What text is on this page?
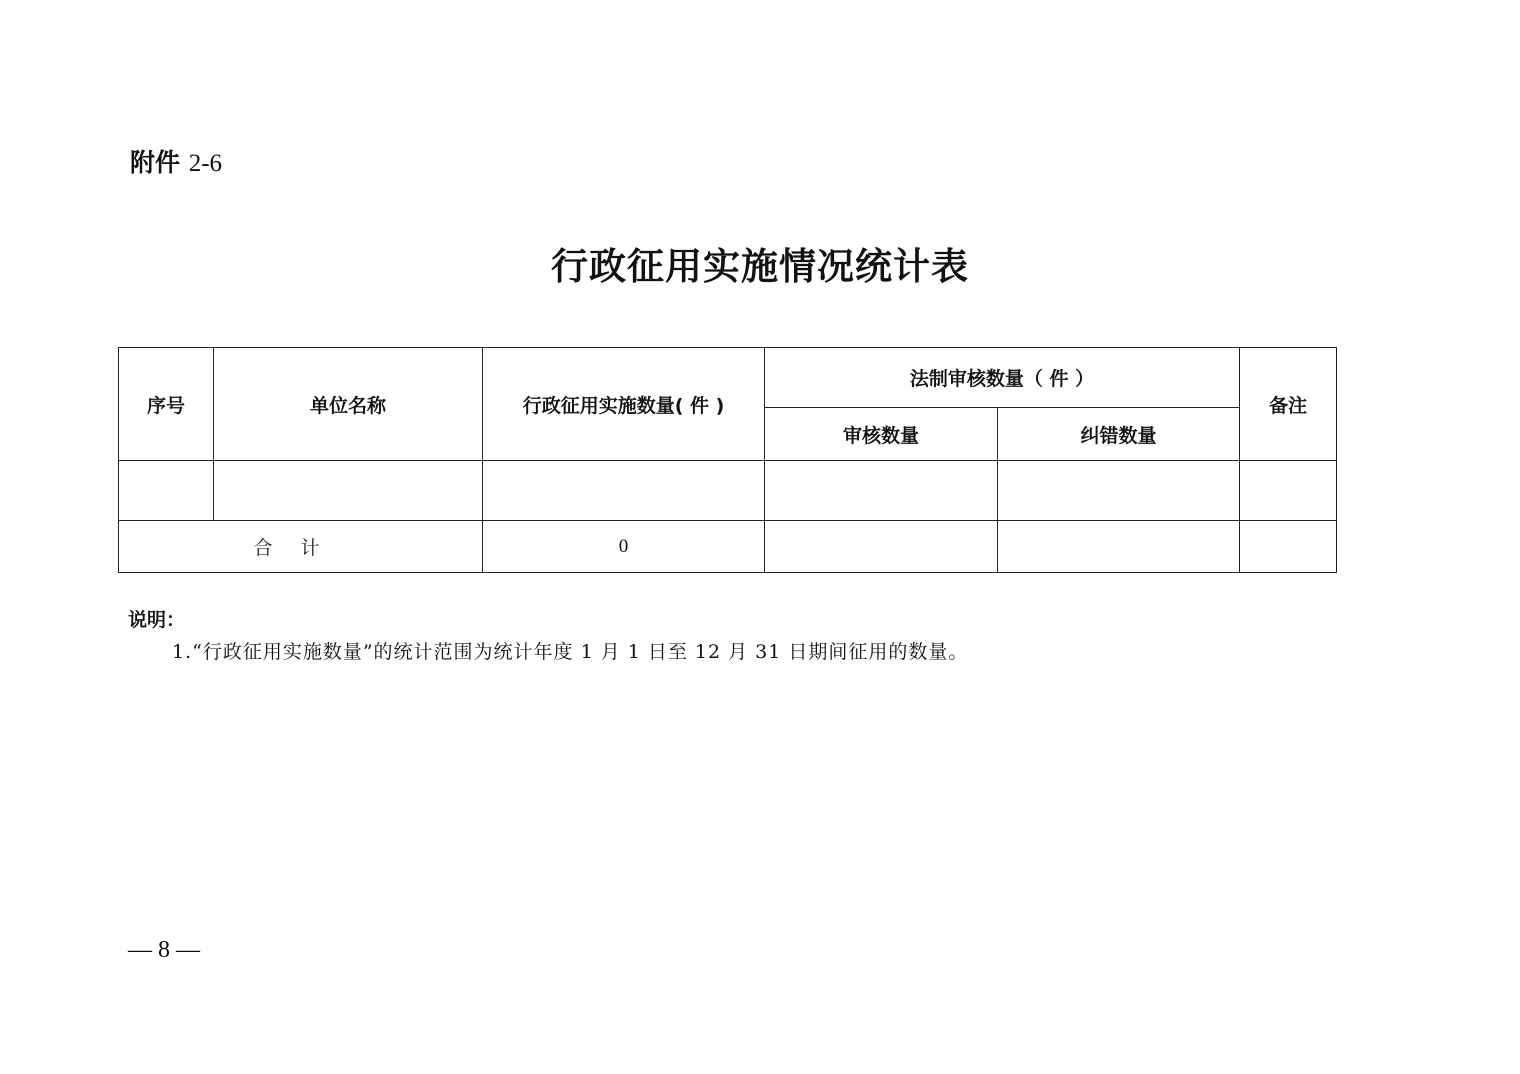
附件 2-6
行政征用实施情况统计表
序号	单位名称	行政征用实施数量( 件 )	法制审核数量（ 件 ）		备注
			审核数量	纠错数量	

合计		0			
说明：
1.“行政征用实施数量”的统计范围为统计年度 1 月 1 日至 12 月 31 日期间征用的数量。
— 8 —
